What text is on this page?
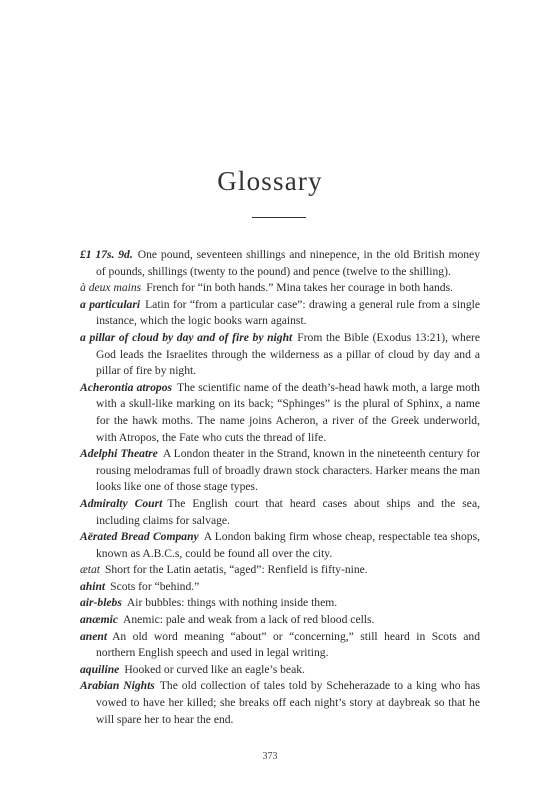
Glossary
£1 17s. 9d. One pound, seventeen shillings and ninepence, in the old British money of pounds, shillings (twenty to the pound) and pence (twelve to the shilling).
à deux mains French for “in both hands.” Mina takes her courage in both hands.
a particulari Latin for “from a particular case”: drawing a general rule from a single instance, which the logic books warn against.
a pillar of cloud by day and of fire by night From the Bible (Exodus 13:21), where God leads the Israelites through the wilderness as a pillar of cloud by day and a pillar of fire by night.
Acherontia atropos The scientific name of the death’s-head hawk moth, a large moth with a skull-like marking on its back; “Sphinges” is the plural of Sphinx, a name for the hawk moths. The name joins Acheron, a river of the Greek underworld, with Atropos, the Fate who cuts the thread of life.
Adelphi Theatre A London theater in the Strand, known in the nineteenth century for rousing melodramas full of broadly drawn stock characters. Harker means the man looks like one of those stage types.
Admiralty Court The English court that heard cases about ships and the sea, including claims for salvage.
Aërated Bread Company A London baking firm whose cheap, respectable tea shops, known as A.B.C.s, could be found all over the city.
ætat Short for the Latin aetatis, “aged”: Renfield is fifty-nine.
ahint Scots for “behind.”
air-blebs Air bubbles: things with nothing inside them.
anæmic Anemic: pale and weak from a lack of red blood cells.
anent An old word meaning “about” or “concerning,” still heard in Scots and northern English speech and used in legal writing.
aquiline Hooked or curved like an eagle’s beak.
Arabian Nights The old collection of tales told by Scheherazade to a king who has vowed to have her killed; she breaks off each night’s story at daybreak so that he will spare her to hear the end.
373
